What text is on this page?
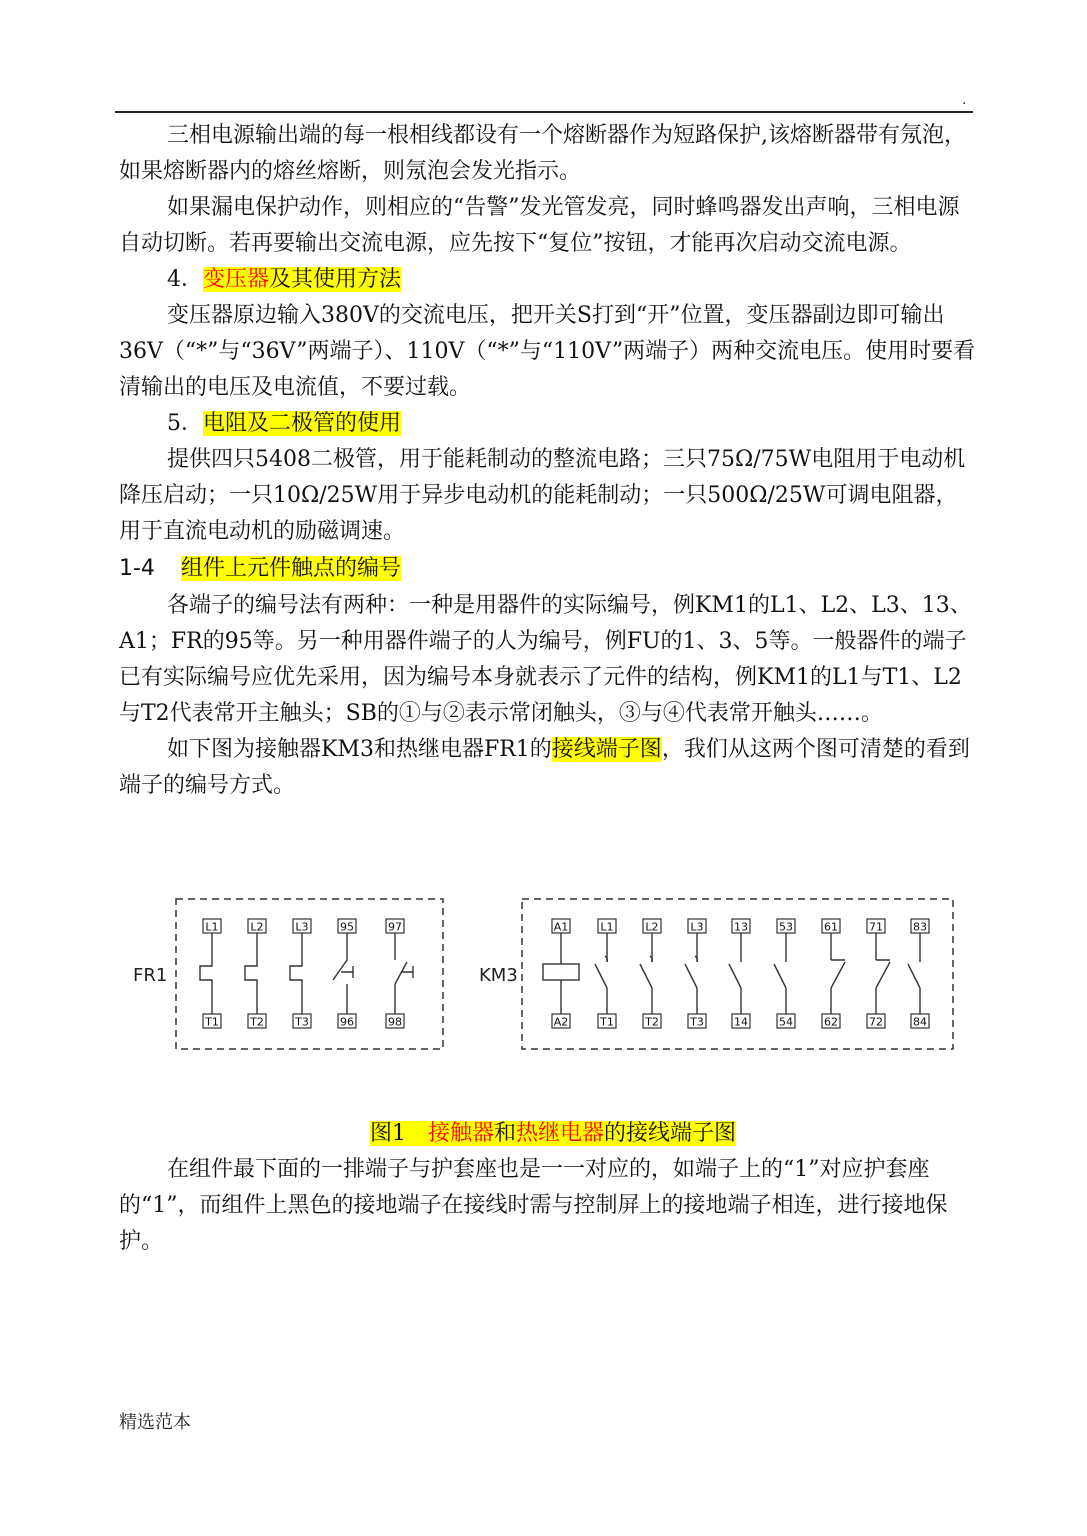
.

三相电源输出端的每一根相线都设有一个熔断器作为短路保护,该熔断器带有氖泡，如果熔断器内的熔丝熔断，则氖泡会发光指示。

如果漏电保护动作，则相应的“告警”发光管发亮，同时蜂鸣器发出声响，三相电源自动切断。若再要输出交流电源，应先按下“复位”按钮，才能再次启动交流电源。

4．变压器及其使用方法

变压器原边输入380V的交流电压，把开关S打到“开”位置，变压器副边即可输出36V（“*”与“36V”两端子）、110V（“*”与“110V”两端子）两种交流电压。使用时要看清输出的电压及电流值，不要过载。

5．电阻及二极管的使用

提供四只5408二极管，用于能耗制动的整流电路；三只75Ω/75W电阻用于电动机降压启动；一只10Ω/25W用于异步电动机的能耗制动；一只500Ω/25W可调电阻器，用于直流电动机的励磁调速。

1-4 组件上元件触点的编号

各端子的编号法有两种：一种是用器件的实际编号，例KM1的L1、L2、L3、13、A1；FR的95等。另一种用器件端子的人为编号，例FU的1、3、5等。一般器件的端子已有实际编号应优先采用，因为编号本身就表示了元件的结构，例KM1的L1与T1、L2与T2代表常开主触头；SB的①与②表示常闭触头，③与④代表常开触头……。

如下图为接触器KM3和热继电器FR1的接线端子图，我们从这两个图可清楚的看到端子的编号方式。

FR1	KM3
L1
T1
L2
T2
L3
T3
95
96
97
98
A1
A2
L1
T1
L2
T2
L3
T3
13
14
53
54
61
62
71
72
83
84
图1　接触器和热继电器的接线端子图

在组件最下面的一排端子与护套座也是一一对应的，如端子上的“1”对应护套座的“1”，而组件上黑色的接地端子在接线时需与控制屏上的接地端子相连，进行接地保护。

精选范本
